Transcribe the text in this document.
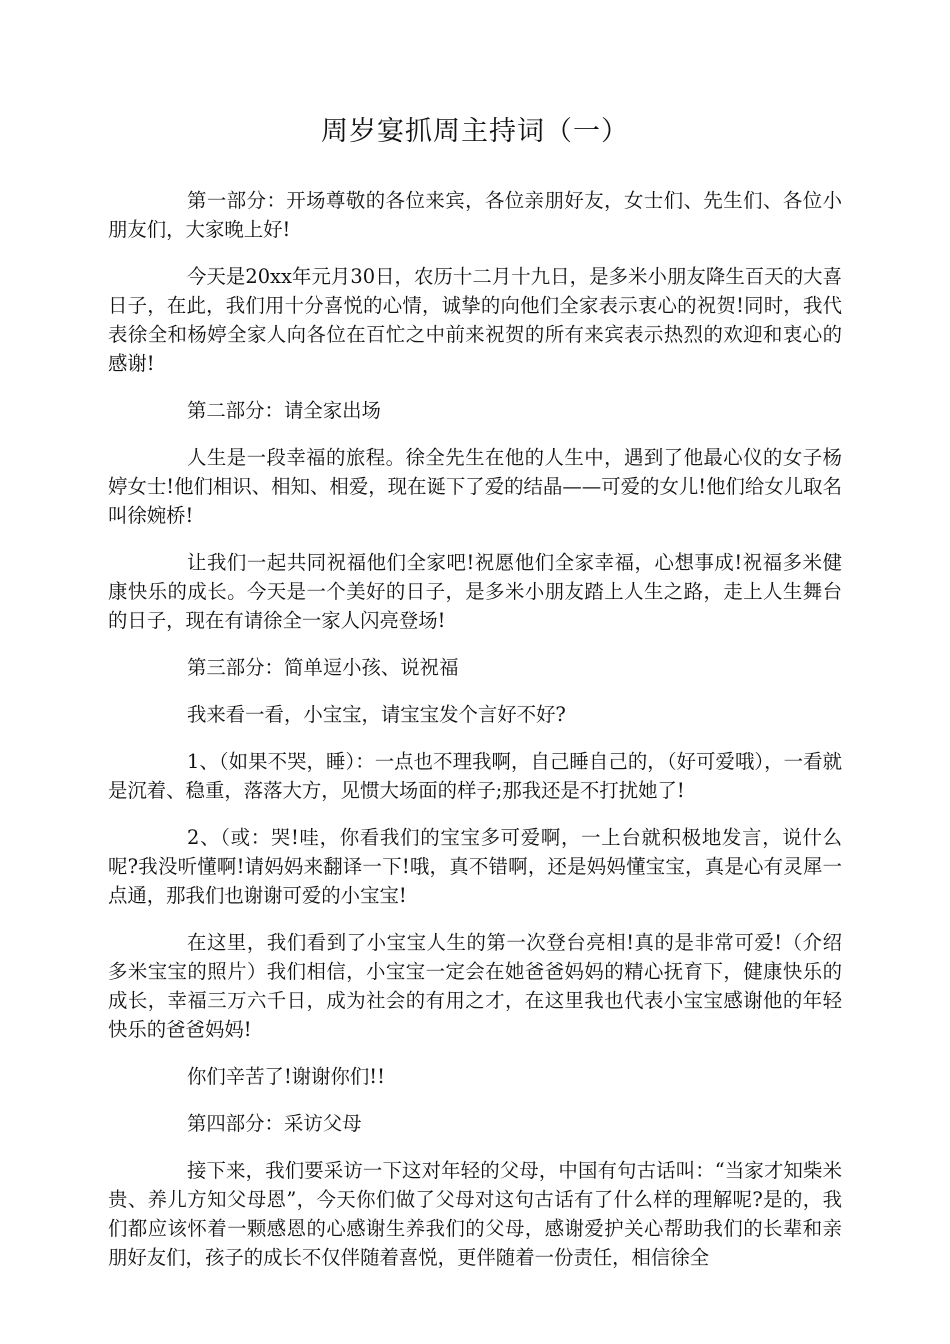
周岁宴抓周主持词（一）

第一部分：开场尊敬的各位来宾，各位亲朋好友，女士们、先生们、各位小朋友们，大家晚上好!

今天是20xx年元月30日，农历十二月十九日，是多米小朋友降生百天的大喜日子，在此，我们用十分喜悦的心情，诚挚的向他们全家表示衷心的祝贺!同时，我代表徐全和杨婷全家人向各位在百忙之中前来祝贺的所有来宾表示热烈的欢迎和衷心的感谢!

第二部分：请全家出场

人生是一段幸福的旅程。徐全先生在他的人生中，遇到了他最心仪的女子杨婷女士!他们相识、相知、相爱，现在诞下了爱的结晶——可爱的女儿!他们给女儿取名叫徐婉桥!

让我们一起共同祝福他们全家吧!祝愿他们全家幸福，心想事成!祝福多米健康快乐的成长。今天是一个美好的日子，是多米小朋友踏上人生之路，走上人生舞台的日子，现在有请徐全一家人闪亮登场!

第三部分：简单逗小孩、说祝福

我来看一看，小宝宝，请宝宝发个言好不好?

1、（如果不哭，睡）：一点也不理我啊，自己睡自己的，（好可爱哦），一看就是沉着、稳重，落落大方，见惯大场面的样子;那我还是不打扰她了!

2、（或：哭!哇，你看我们的宝宝多可爱啊，一上台就积极地发言，说什么呢?我没听懂啊!请妈妈来翻译一下!哦，真不错啊，还是妈妈懂宝宝，真是心有灵犀一点通，那我们也谢谢可爱的小宝宝!

在这里，我们看到了小宝宝人生的第一次登台亮相!真的是非常可爱!（介绍多米宝宝的照片）我们相信，小宝宝一定会在她爸爸妈妈的精心抚育下，健康快乐的成长，幸福三万六千日，成为社会的有用之才，在这里我也代表小宝宝感谢他的年轻快乐的爸爸妈妈!

你们辛苦了!谢谢你们!!

第四部分：采访父母

接下来，我们要采访一下这对年轻的父母，中国有句古话叫：“当家才知柴米贵、养儿方知父母恩”，今天你们做了父母对这句古话有了什么样的理解呢?是的，我们都应该怀着一颗感恩的心感谢生养我们的父母，感谢爱护关心帮助我们的长辈和亲朋好友们，孩子的成长不仅伴随着喜悦，更伴随着一份责任，相信徐全
